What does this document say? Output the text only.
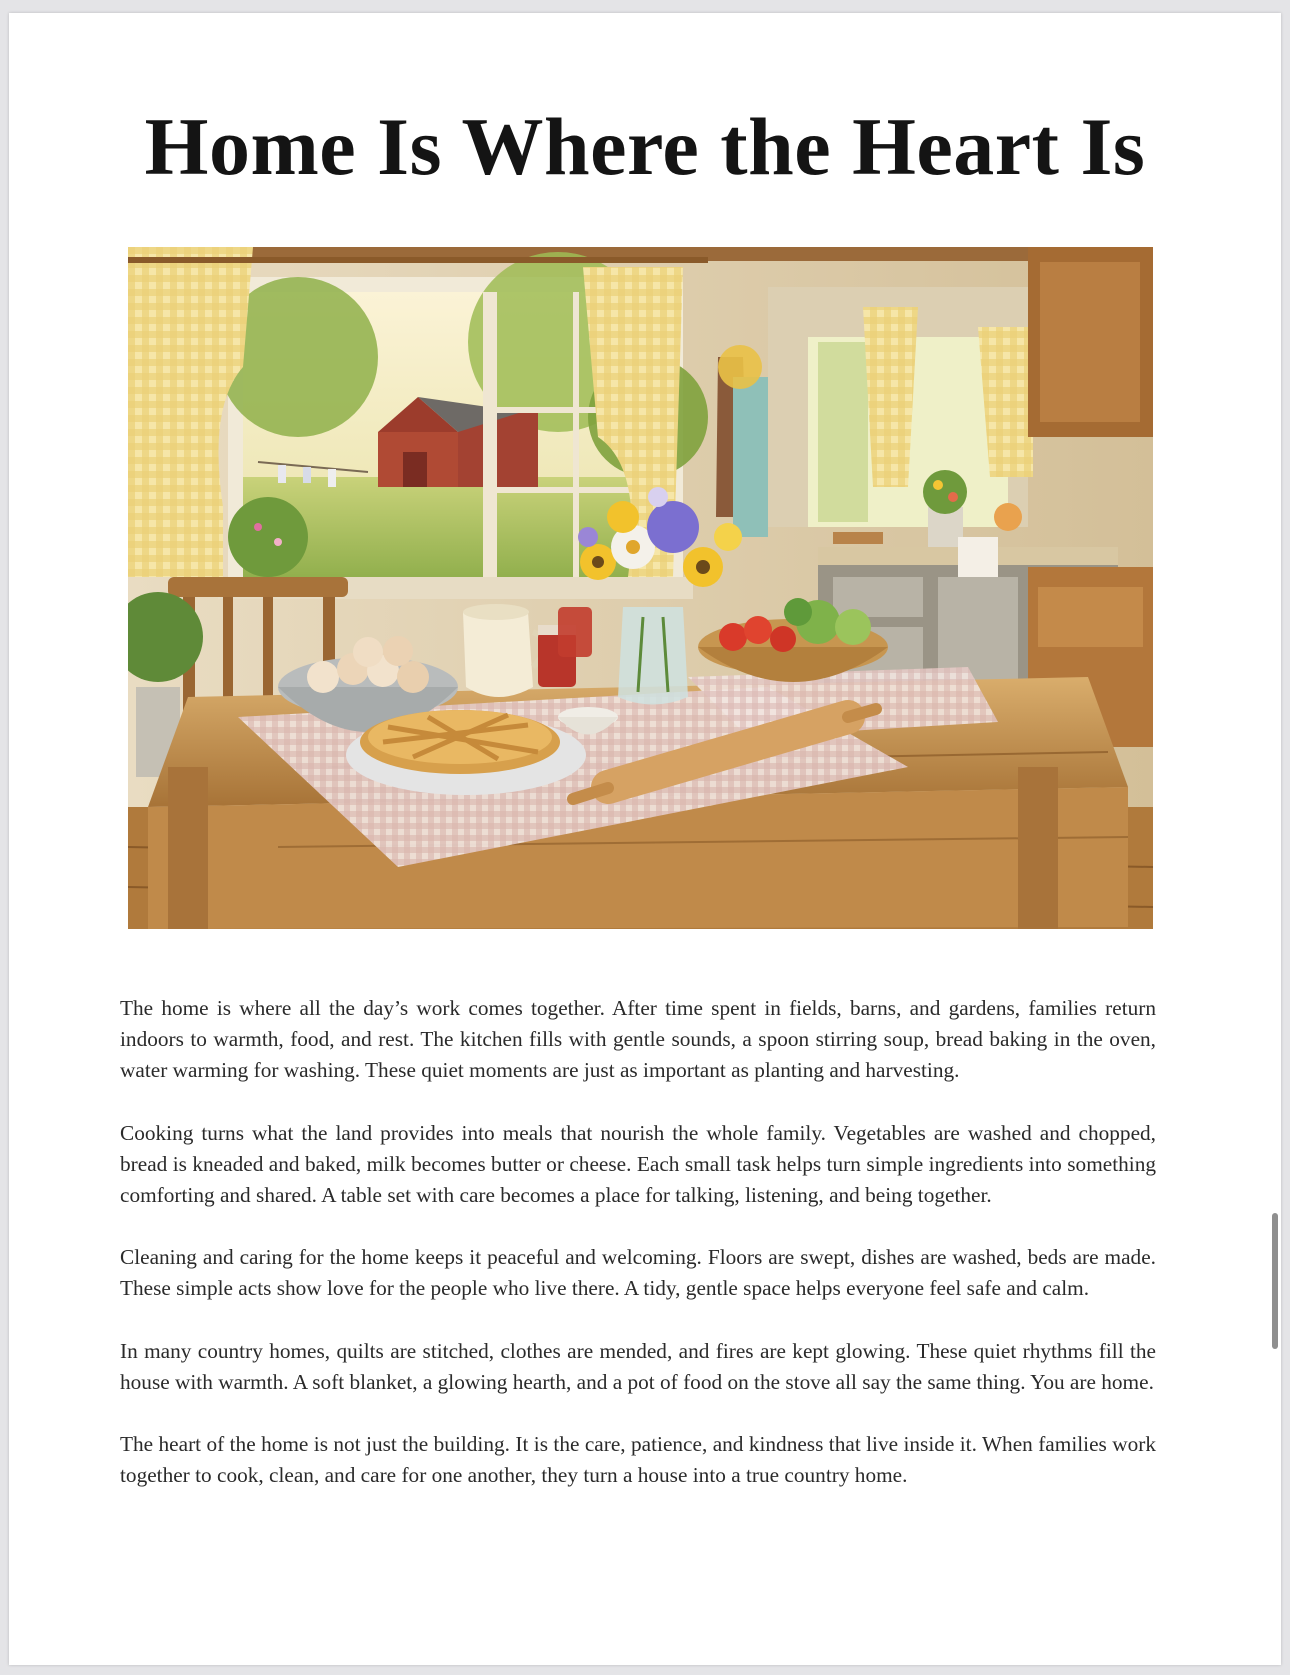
Home Is Where the Heart Is

The home is where all the day’s work comes together. After time spent in fields, barns, and gardens, families return indoors to warmth, food, and rest. The kitchen fills with gentle sounds, a spoon stirring soup, bread baking in the oven, water warming for washing. These quiet moments are just as important as planting and harvesting.

Cooking turns what the land provides into meals that nourish the whole family. Vegetables are washed and chopped, bread is kneaded and baked, milk becomes butter or cheese. Each small task helps turn simple ingredients into something comforting and shared. A table set with care becomes a place for talking, listening, and being together.

Cleaning and caring for the home keeps it peaceful and welcoming. Floors are swept, dishes are washed, beds are made. These simple acts show love for the people who live there. A tidy, gentle space helps everyone feel safe and calm.

In many country homes, quilts are stitched, clothes are mended, and fires are kept glowing. These quiet rhythms fill the house with warmth. A soft blanket, a glowing hearth, and a pot of food on the stove all say the same thing. You are home.

The heart of the home is not just the building. It is the care, patience, and kindness that live inside it. When families work together to cook, clean, and care for one another, they turn a house into a true country home.
